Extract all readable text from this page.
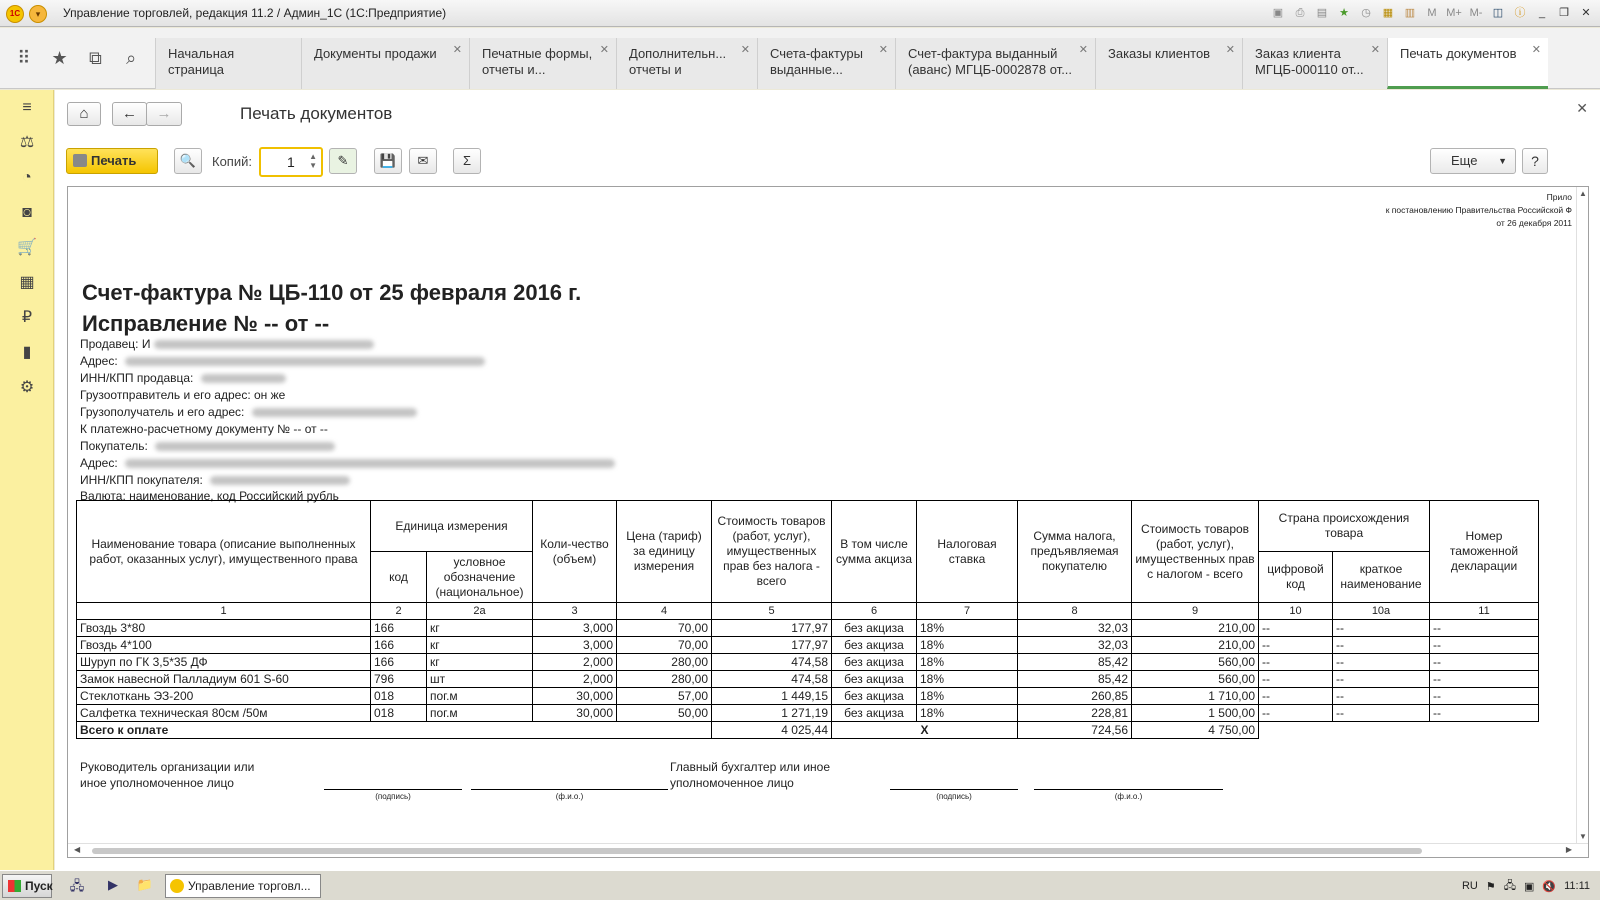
1С	▾	Управление торговлей, редакция 11.2 / Админ_1С (1С:Предприятие)	▣	⎙	▤ ★ ◷ ▦ ▥	M M+ M- ◫ ⓘ	_	❐	✕
⠿	★	⧉	⌕	Начальная страница
Документы продажи ✕	Печатные формы, отчеты и...
✕	Дополнительн... отчеты и
✕	Счета-фактуры выданные...
✕	Счет-фактура выданный (аванс) МГЦБ-0002878 от...
✕	Заказы клиентов ✕	Заказ клиента МГЦБ-000110 от...
✕	Печать документов ✕
≡
⚖
◔
◙
🛒
▦
₽
▮
⚙
⌂	←	→	Печать документов	✕
Печать	🔍	Копий:	1 ▲
▼	✎	💾	✉	Σ	Еще ▼	?
Прило
к постановлению Правительства Российской Ф
от 26 декабря 2011
Счет-фактура № ЦБ-110 от 25 февраля 2016 г.
Исправление № -- от --
Продавец: И
Адрес:
ИНН/КПП продавца:
Грузоотправитель и его адрес: он же
Грузополучатель и его адрес:
К платежно-расчетному документу № -- от --
Покупатель:
Адрес:
ИНН/КПП покупателя:
Валюта: наименование, код Российский рубль
Наименование товара (описание выполненных работ, оказанных услуг), имущественного права	Единица измерения		Коли-чество (объем)	Цена (тариф) за единицу измерения	Стоимость товаров (работ, услуг), имущественных прав без налога - всего	В том числе сумма акциза	Налоговая ставка	Сумма налога, предъявляемая покупателю	Стоимость товаров (работ, услуг), имущественных прав с налогом - всего	Страна происхождения товара		Номер таможенной декларации
	код	условное обозначение (национальное)								цифровой код	краткое наименование	
1	2	2а	3	4	5	6	7	8	9	10	10а	11
Гвоздь 3*80	166	кг	3,000	70,00	177,97	без акциза	18%	32,03	210,00	--	--	--
Гвоздь 4*100	166	кг	3,000	70,00	177,97	без акциза	18%	32,03	210,00	--	--	--
Шуруп по ГК 3,5*35 ДФ	166	кг	2,000	280,00	474,58	без акциза	18%	85,42	560,00	--	--	--
Замок навесной Палладиум 601 S-60	796	шт	2,000	280,00	474,58	без акциза	18%	85,42	560,00	--	--	--
Стеклоткань ЭЗ-200	018	пог.м	30,000	57,00	1 449,15	без акциза	18%	260,85	1 710,00	--	--	--
Салфетка техническая 80см /50м	018	пог.м	30,000	50,00	1 271,19	без акциза	18%	228,81	1 500,00	--	--	--
Всего к оплате					4 025,44	X		724,56	4 750,00			
Руководитель организации или иное уполномоченное лицо
(подпись)	(ф.и.о.)
Главный бухгалтер или иное уполномоченное лицо
(подпись)	(ф.и.о.)
▲
▼
◀	▶
Пуск 🖧	▶	📁	Управление торговл...	RU ⚑ 🖧 ▣ 🔇 11:11
